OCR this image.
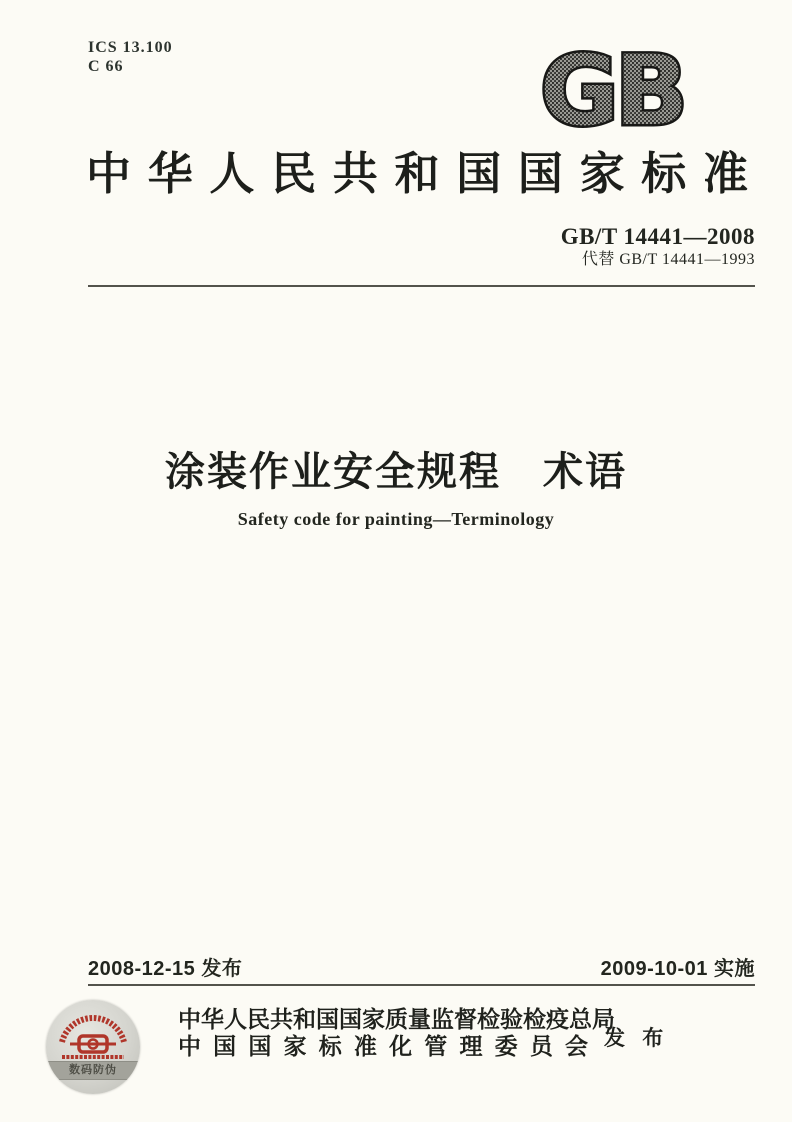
ICS 13.100
C 66	GB
中华人民共和国国家标准
GB/T 14441—2008
代替 GB/T 14441—1993
涂装作业安全规程　术语
Safety code for painting—Terminology
2008-12-15 发布	2009-10-01 实施
数码防伪
中华人民共和国国家质量监督检验检疫总局
中国国家标准化管理委员会 发 布
